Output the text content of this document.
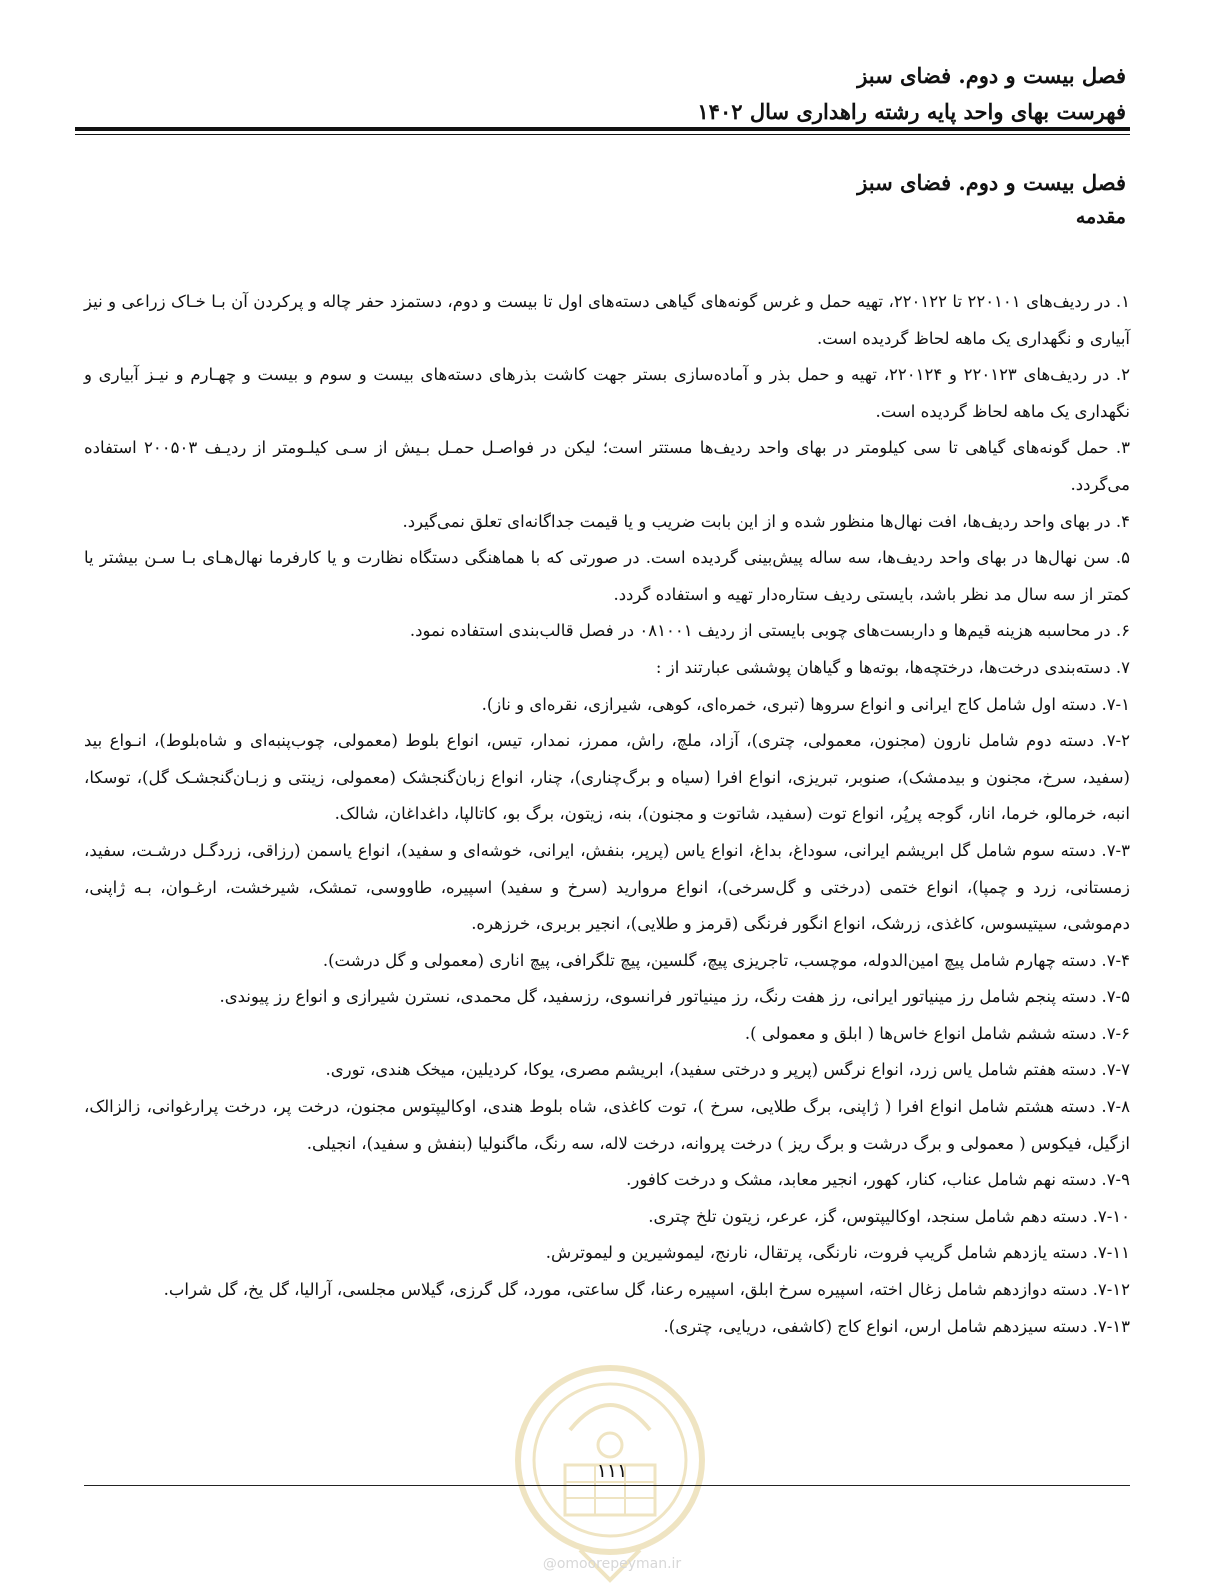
فصل بیست و دوم. فضای سبز
فهرست بهای واحد پایه رشته راهداری سال ۱۴۰۲
فصل بیست و دوم. فضای سبز
مقدمه

۱. در ردیف‌های ۲۲۰۱۰۱ تا ۲۲۰۱۲۲، تهیه حمل و غرس گونه‌های گیاهی دسته‌های اول تا بیست و دوم، دستمزد حفر چاله و پرکردن آن بـا خـاک زراعی و نیز آبیاری و نگهداری یک ماهه لحاظ گردیده است.

۲. در ردیف‌های ۲۲۰۱۲۳ و ۲۲۰۱۲۴، تهیه و حمل بذر و آماده‌سازی بستر جهت کاشت بذرهای دسته‌های بیست و سوم و بیست و چهـارم و نیـز آبیاری و نگهداری یک ماهه لحاظ گردیده است.

۳. حمل گونه‌های گیاهی تا سی کیلومتر در بهای واحد ردیف‌ها مستتر است؛ لیکن در فواصـل حمـل بـیش از سـی کیلـومتر از ردیـف ۲۰۰۵۰۳ استفاده می‌گردد.

۴. در بهای واحد ردیف‌ها، افت نهال‌ها منظور شده و از این بابت ضریب و یا قیمت جداگانه‌ای تعلق نمی‌گیرد.

۵. سن نهال‌ها در بهای واحد ردیف‌ها، سه ساله پیش‌بینی گردیده است. در صورتی که با هماهنگی دستگاه نظارت و یا کارفرما نهال‌هـای بـا سـن بیشتر یا کمتر از سه سال مد نظر باشد، بایستی ردیف ستاره‌دار تهیه و استفاده گردد.

۶. در محاسبه هزینه قیم‌ها و داربست‌های چوبی بایستی از ردیف ۰۸۱۰۰۱ در فصل قالب‌بندی استفاده نمود.

۷. دسته‌بندی درخت‌ها، درختچه‌ها، بوته‌ها و گیاهان پوششی عبارتند از :

۷-۱. دسته اول شامل کاج ایرانی و انواع سروها (تبری، خمره‌ای، کوهی، شیرازی، نقره‌ای و ناز).

۷-۲. دسته دوم شامل نارون (مجنون، معمولی، چتری)، آزاد، ملچ، راش، ممرز، نمدار، تیس، انواع بلوط (معمولی، چوب‌پنبه‌ای و شاه‌بلوط)، انـواع بید (سفید، سرخ، مجنون و بیدمشک)، صنوبر، تبریزی، انواع افرا (سیاه و برگ‌چناری)، چنار، انواع زبان‌گنجشک (معمولی، زینتی و زبـان‌گنجشـک گل)، توسکا، انبه، خرمالو، خرما، انار، گوجه پرپُر، انواع توت (سفید، شاتوت و مجنون)، بنه، زیتون، برگ بو، کاتالپا، داغداغان، شالک.

۷-۳. دسته سوم شامل گل ابریشم ایرانی، سوداغ، بداغ، انواع یاس (پرپر، بنفش، ایرانی، خوشه‌ای و سفید)، انواع یاسمن (رزاقی، زردگـل درشـت، سفید، زمستانی، زرد و چمپا)، انواع ختمی (درختی و گل‌سرخی)، انواع مروارید (سرخ و سفید) اسپیره، طاووسی، تمشک، شیرخشت، ارغـوان، بـه ژاپنی، دم‌موشی، سیتیسوس، کاغذی، زرشک، انواع انگور فرنگی (قرمز و طلایی)، انجیر بربری، خرزهره.

۷-۴. دسته چهارم شامل پیچ امین‌الدوله، موچسب، تاجریزی پیچ، گلسین، پیچ تلگرافی، پیچ اناری (معمولی و گل درشت).

۷-۵. دسته پنجم شامل رز مینیاتور ایرانی، رز هفت رنگ، رز مینیاتور فرانسوی، رزسفید، گل محمدی، نسترن شیرازی و انواع رز پیوندی.

۷-۶. دسته ششم شامل انواع خاس‌ها ( ابلق و معمولی ).

۷-۷. دسته هفتم شامل یاس زرد، انواع نرگس (پرپر و درختی سفید)، ابریشم مصری، یوکا، کردیلین، میخک هندی، توری.

۷-۸. دسته هشتم شامل انواع افرا ( ژاپنی، برگ طلایی، سرخ )، توت کاغذی، شاه بلوط هندی، اوکالیپتوس مجنون، درخت پر، درخت پرارغوانی، زالزالک، ازگیل، فیکوس ( معمولی و برگ درشت و برگ ریز ) درخت پروانه، درخت لاله، سه رنگ، ماگنولیا (بنفش و سفید)، انجیلی.

۷-۹. دسته نهم شامل عناب، کنار، کهور، انجیر معابد، مشک و درخت کافور.

۷-۱۰. دسته دهم شامل سنجد، اوکالیپتوس، گز، عرعر، زیتون تلخ چتری.

۷-۱۱. دسته یازدهم شامل گریپ فروت، نارنگی، پرتقال، نارنج، لیموشیرین و لیموترش.

۷-۱۲. دسته دوازدهم شامل زغال اخته، اسپیره سرخ ابلق، اسپیره رعنا، گل ساعتی، مورد، گل گرزی، گیلاس مجلسی، آرالیا، گل یخ، گل شراب.

۷-۱۳. دسته سیزدهم شامل ارس، انواع کاج (کاشفی، دریایی، چتری).

۱۱۱
@omoorepeyman.ir
